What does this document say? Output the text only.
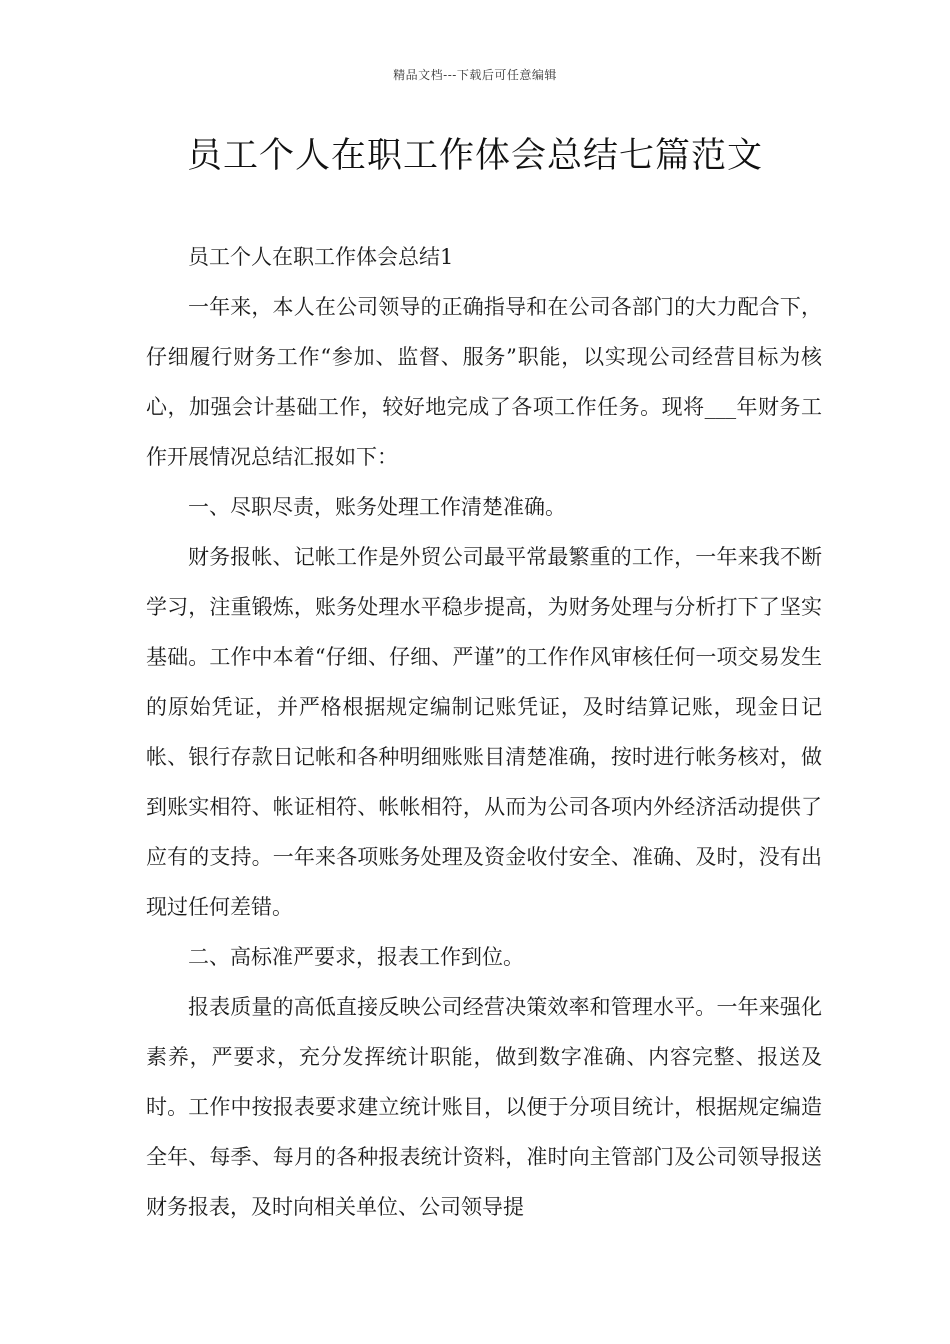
精品文档---下载后可任意编辑
员工个人在职工作体会总结七篇范文

员工个人在职工作体会总结1

一年来，本人在公司领导的正确指导和在公司各部门的大力配合下，仔细履行财务工作“参加、监督、服务”职能，以实现公司经营目标为核心，加强会计基础工作，较好地完成了各项工作任务。现将___年财务工作开展情况总结汇报如下：

一、尽职尽责，账务处理工作清楚准确。

财务报帐、记帐工作是外贸公司最平常最繁重的工作，一年来我不断学习，注重锻炼，账务处理水平稳步提高，为财务处理与分析打下了坚实基础。工作中本着“仔细、仔细、严谨”的工作作风审核任何一项交易发生的原始凭证，并严格根据规定编制记账凭证，及时结算记账，现金日记帐、银行存款日记帐和各种明细账账目清楚准确，按时进行帐务核对，做到账实相符、帐证相符、帐帐相符，从而为公司各项内外经济活动提供了应有的支持。一年来各项账务处理及资金收付安全、准确、及时，没有出现过任何差错。

二、高标准严要求，报表工作到位。

报表质量的高低直接反映公司经营决策效率和管理水平。一年来强化素养，严要求，充分发挥统计职能，做到数字准确、内容完整、报送及时。工作中按报表要求建立统计账目，以便于分项目统计，根据规定编造全年、每季、每月的各种报表统计资料，准时向主管部门及公司领导报送财务报表，及时向相关单位、公司领导提
